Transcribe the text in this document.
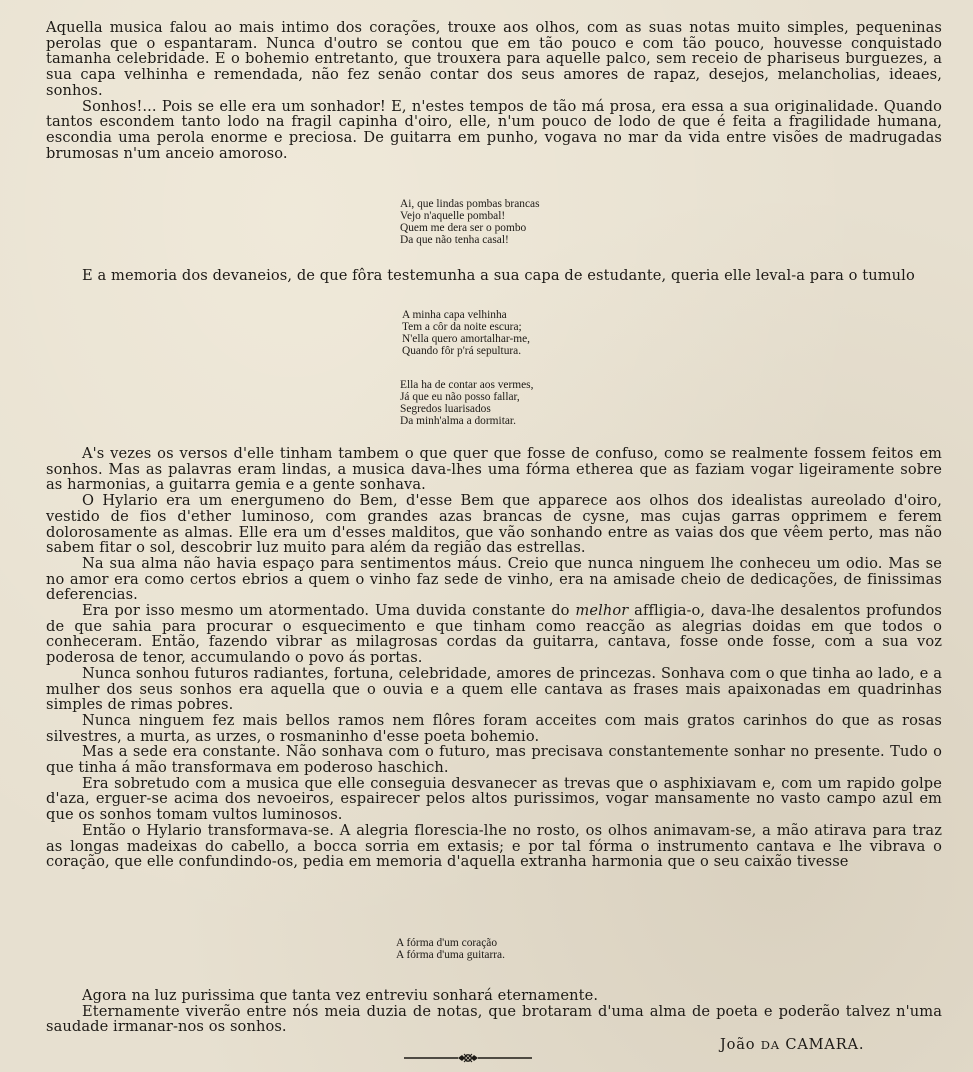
Aquella musica falou ao mais intimo dos corações, trouxe aos olhos, com as suas notas muito simples, pequeninas perolas que o espantaram. Nunca d'outro se contou que em tão pouco e com tão pouco, houvesse conquistado tamanha celebridade. E o bohemio entretanto, que trouxera para aquelle palco, sem receio de phariseus burguezes, a sua capa velhinha e remendada, não fez senão contar dos seus amores de rapaz, desejos, melancholias, ideaes, sonhos.

Sonhos!... Pois se elle era um sonhador! E, n'estes tempos de tão má prosa, era essa a sua originalidade. Quando tantos escondem tanto lodo na fragil capinha d'oiro, elle, n'um pouco de lodo de que é feita a fragilidade humana, escondia uma perola enorme e preciosa. De guitarra em punho, vogava no mar da vida entre visões de madrugadas brumosas n'um anceio amoroso.

Ai, que lindas pombas brancas
Vejo n'aquelle pombal!
Quem me dera ser o pombo
Da que não tenha casal!

E a memoria dos devaneios, de que fôra testemunha a sua capa de estudante, queria elle leval-a para o tumulo

A minha capa velhinha
Tem a côr da noite escura;
N'ella quero amortalhar-me,
Quando fôr p'rá sepultura.
Ella ha de contar aos vermes,
Já que eu não posso fallar,
Segredos luarisados
Da minh'alma a dormitar.

A's vezes os versos d'elle tinham tambem o que quer que fosse de confuso, como se realmente fossem feitos em sonhos. Mas as palavras eram lindas, a musica dava-lhes uma fórma etherea que as faziam vogar ligeiramente sobre as harmonias, a guitarra gemia e a gente sonhava.

O Hylario era um energumeno do Bem, d'esse Bem que apparece aos olhos dos idealistas aureolado d'oiro, vestido de fios d'ether luminoso, com grandes azas brancas de cysne, mas cujas garras opprimem e ferem dolorosamente as almas. Elle era um d'esses malditos, que vão sonhando entre as vaias dos que vêem perto, mas não sabem fitar o sol, descobrir luz muito para além da região das estrellas.

Na sua alma não havia espaço para sentimentos máus. Creio que nunca ninguem lhe conheceu um odio. Mas se no amor era como certos ebrios a quem o vinho faz sede de vinho, era na amisade cheio de dedicações, de finissimas deferencias.

Era por isso mesmo um atormentado. Uma duvida constante do melhor affligia-o, dava-lhe desalentos profundos de que sahia para procurar o esquecimento e que tinham como reacção as alegrias doidas em que todos o conheceram. Então, fazendo vibrar as milagrosas cordas da guitarra, cantava, fosse onde fosse, com a sua voz poderosa de tenor, accumulando o povo ás portas.

Nunca sonhou futuros radiantes, fortuna, celebridade, amores de princezas. Sonhava com o que tinha ao lado, e a mulher dos seus sonhos era aquella que o ouvia e a quem elle cantava as frases mais apaixonadas em quadrinhas simples de rimas pobres.

Nunca ninguem fez mais bellos ramos nem flôres foram acceites com mais gratos carinhos do que as rosas silvestres, a murta, as urzes, o rosmaninho d'esse poeta bohemio.

Mas a sede era constante. Não sonhava com o futuro, mas precisava constantemente sonhar no presente. Tudo o que tinha á mão transformava em poderoso haschich.

Era sobretudo com a musica que elle conseguia desvanecer as trevas que o asphixiavam e, com um rapido golpe d'aza, erguer-se acima dos nevoeiros, espairecer pelos altos purissimos, vogar mansamente no vasto campo azul em que os sonhos tomam vultos luminosos.

Então o Hylario transformava-se. A alegria florescia-lhe no rosto, os olhos animavam-se, a mão atirava para traz as longas madeixas do cabello, a bocca sorria em extasis; e por tal fórma o instrumento cantava e lhe vibrava o coração, que elle confundindo-os, pedia em memoria d'aquella extranha harmonia que o seu caixão tivesse

A fórma d'um coração
A fórma d'uma guitarra.

Agora na luz purissima que tanta vez entreviu sonhará eternamente.

Eternamente viverão entre nós meia duzia de notas, que brotaram d'uma alma de poeta e poderão talvez n'uma saudade irmanar-nos os sonhos.

João DA CAMARA.
